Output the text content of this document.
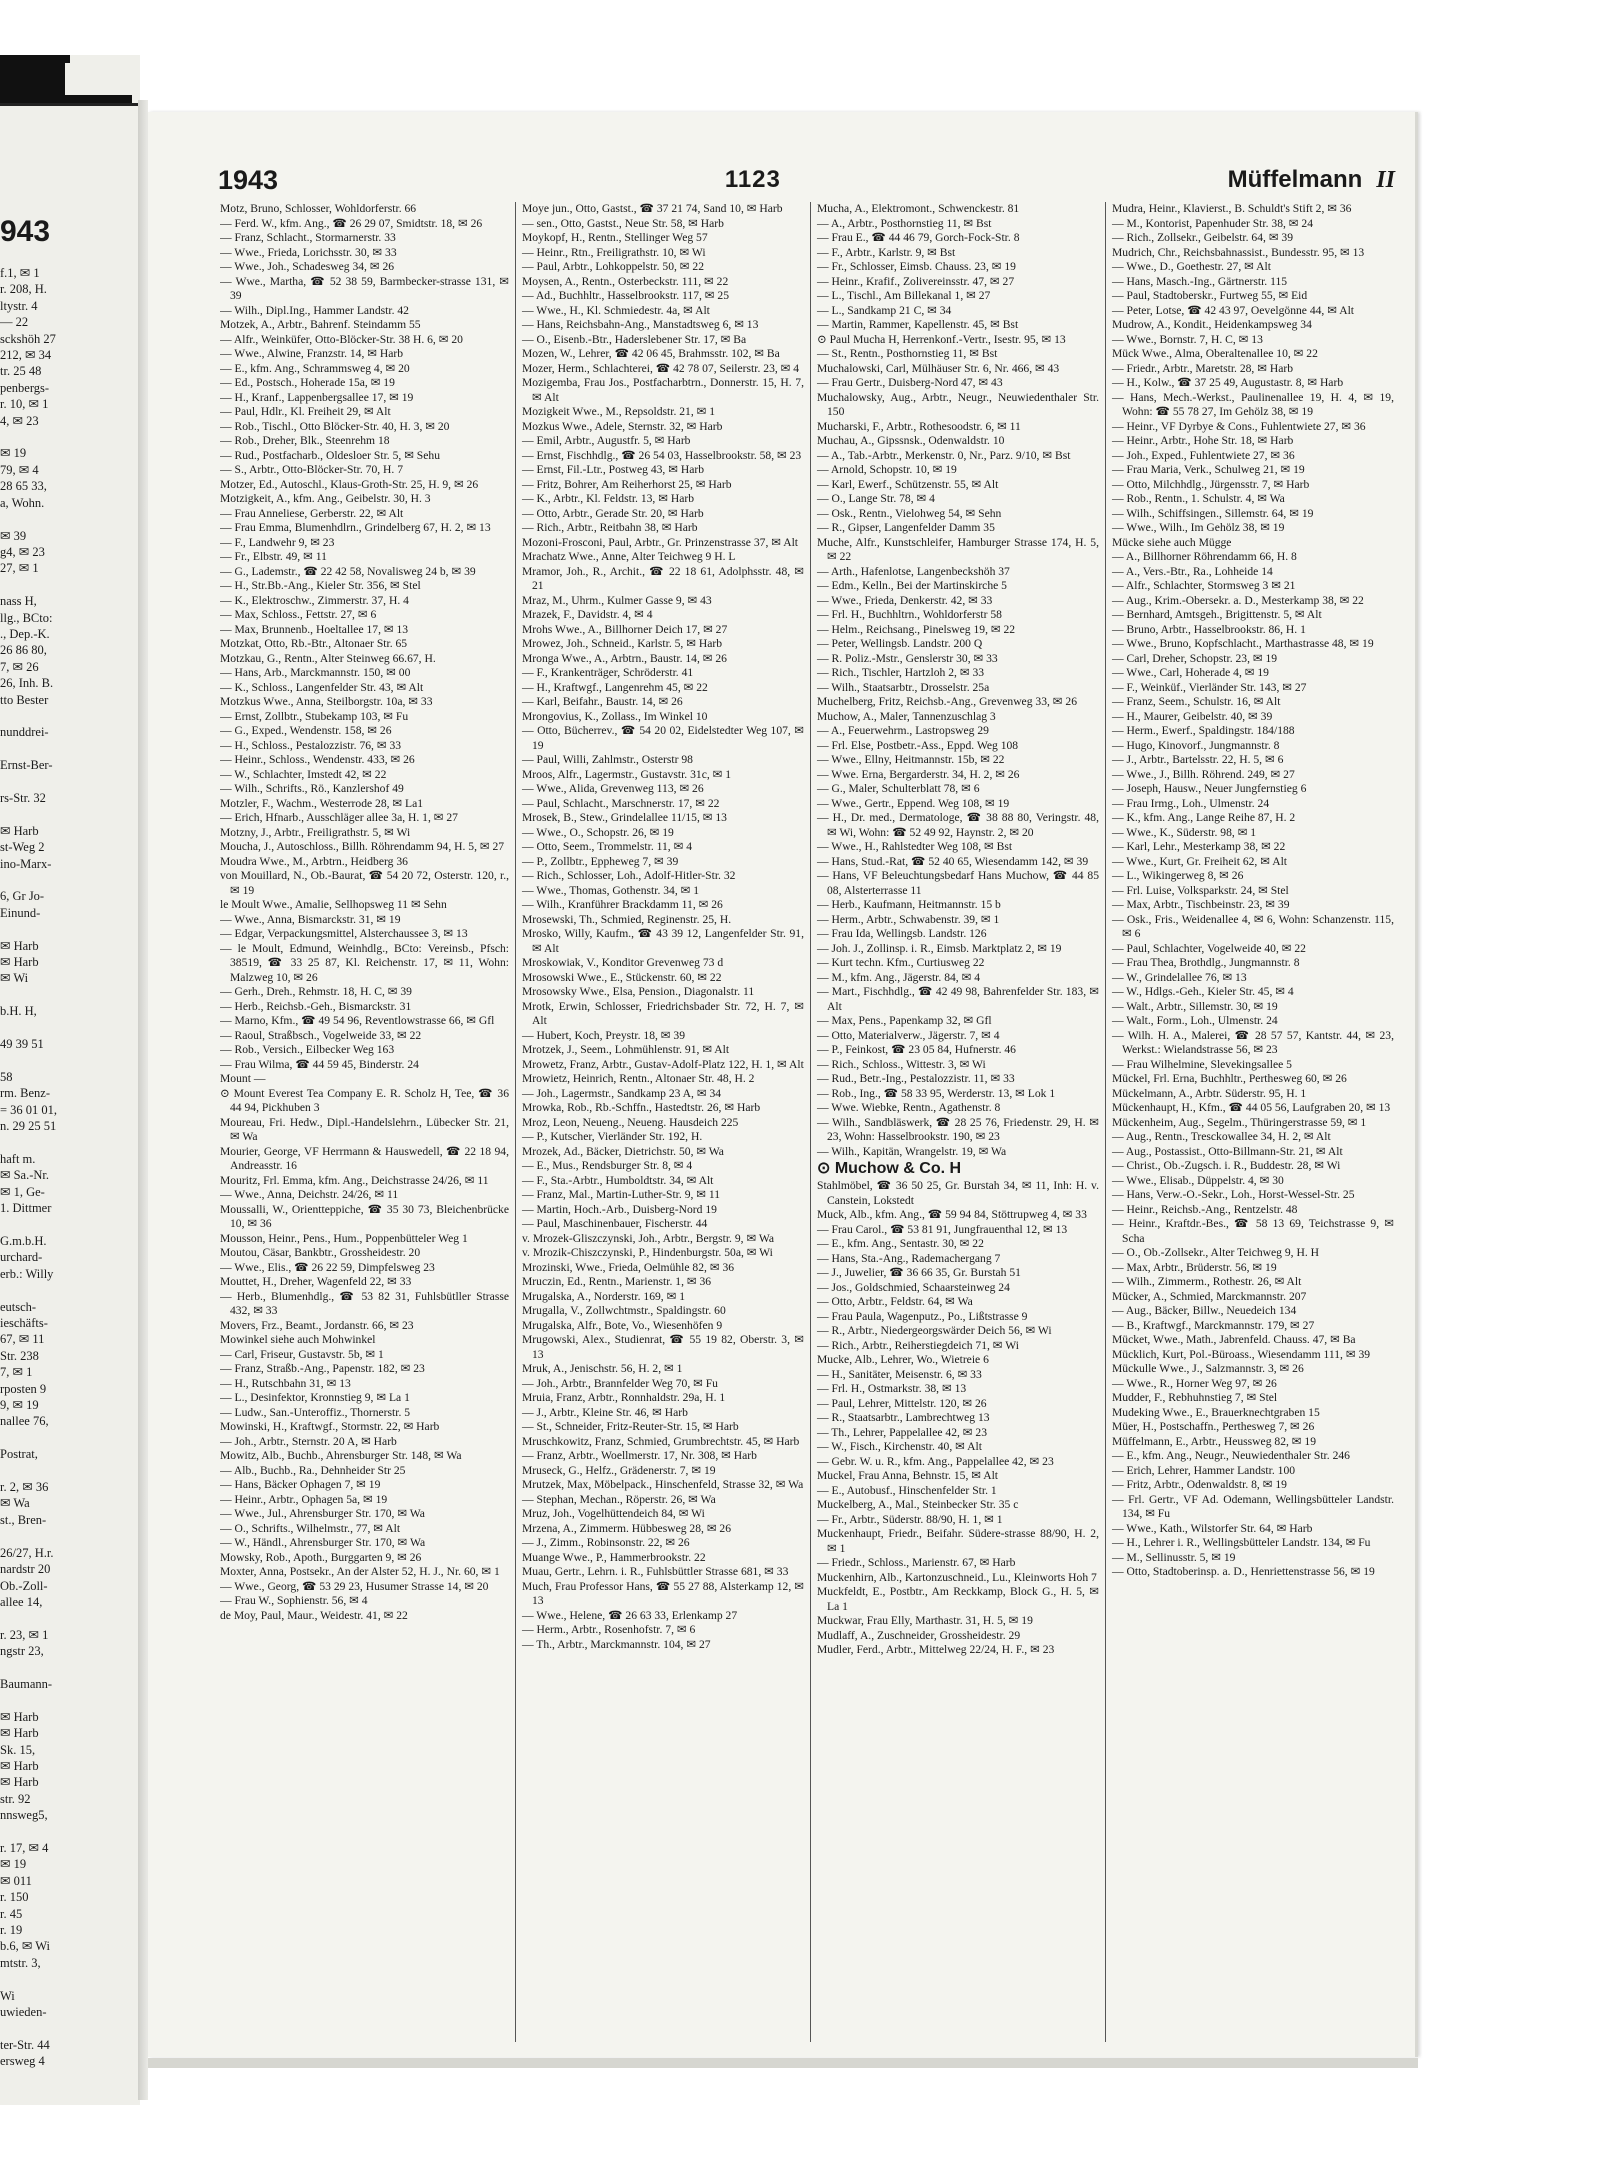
943
f.1, ✉ 1
r. 208, H.
ltystr. 4
— 22
sckshöh 27
212, ✉ 34
tr. 25 48
penbergs-
r. 10, ✉ 1
4, ✉ 23

✉ 19
79, ✉ 4
28 65 33,
a, Wohn.

✉ 39
g4, ✉ 23
27, ✉ 1

nass H,
llg., BCto:
., Dep.-K.
26 86 80,
7, ✉ 26
26, Inh. B.
tto Bester

nunddrei-

Ernst-Ber-

rs-Str. 32

✉ Harb
st-Weg 2
ino-Marx-

6, Gr Jo-
Einund-

✉ Harb
✉ Harb
✉ Wi

b.H. H,

49 39 51

58
rm. Benz-
= 36 01 01,
n. 29 25 51

haft m.
✉ Sa.-Nr.
✉ 1, Ge-
1. Dittmer

G.m.b.H.
urchard-
erb.: Willy

eutsch-
ieschäfts-
67, ✉ 11
Str. 238
7, ✉ 1
rposten 9
9, ✉ 19
nallee 76,

Postrat,

r. 2, ✉ 36
✉ Wa
st., Bren-

26/27, H.r.
nardstr 20
Ob.-Zoll-
allee 14,

r. 23, ✉ 1
ngstr 23,

Baumann-

✉ Harb
✉ Harb
Sk. 15,
✉ Harb
✉ Harb
str. 92
nnsweg5,

r. 17, ✉ 4
✉ 19
✉ 011
r. 150
r. 45
r. 19
b.6, ✉ Wi
mtstr. 3,

Wi
uwieden-

ter-Str. 44
ersweg 4
1943	1123	Müffelmann II

Motz, Bruno, Schlosser, Wohldorferstr. 66

— Ferd. W., kfm. Ang., ☎ 26 29 07, Smidtstr. 18, ✉ 26

— Franz, Schlacht., Stormarnerstr. 33

— Wwe., Frieda, Lorichsstr. 30, ✉ 33

— Wwe., Joh., Schadesweg 34, ✉ 26

— Wwe., Martha, ☎ 52 38 59, Barmbecker-strasse 131, ✉ 39

— Wilh., Dipl.Ing., Hammer Landstr. 42

Motzek, A., Arbtr., Bahrenf. Steindamm 55

— Alfr., Weinküfer, Otto-Blöcker-Str. 38 H. 6, ✉ 20

— Wwe., Alwine, Franzstr. 14, ✉ Harb

— E., kfm. Ang., Schrammsweg 4, ✉ 20

— Ed., Postsch., Hoherade 15a, ✉ 19

— H., Kranf., Lappenbergsallee 17, ✉ 19

— Paul, Hdlr., Kl. Freiheit 29, ✉ Alt

— Rob., Tischl., Otto Blöcker-Str. 40, H. 3, ✉ 20

— Rob., Dreher, Blk., Steenrehm 18

— Rud., Postfacharb., Oldesloer Str. 5, ✉ Sehu

— S., Arbtr., Otto-Blöcker-Str. 70, H. 7

Motzer, Ed., Autoschl., Klaus-Groth-Str. 25, H. 9, ✉ 26

Motzigkeit, A., kfm. Ang., Geibelstr. 30, H. 3

— Frau Anneliese, Gerberstr. 22, ✉ Alt

— Frau Emma, Blumenhdlrn., Grindelberg 67, H. 2, ✉ 13

— F., Landwehr 9, ✉ 23

— Fr., Elbstr. 49, ✉ 11

— G., Lademstr., ☎ 22 42 58, Novalisweg 24 b, ✉ 39

— H., Str.Bb.-Ang., Kieler Str. 356, ✉ Stel

— K., Elektroschw., Zimmerstr. 37, H. 4

— Max, Schloss., Fettstr. 27, ✉ 6

— Max, Brunnenb., Hoeltallee 17, ✉ 13

Motzkat, Otto, Rb.-Btr., Altonaer Str. 65

Motzkau, G., Rentn., Alter Steinweg 66.67, H.

— Hans, Arb., Marckmannstr. 150, ✉ 00

— K., Schloss., Langenfelder Str. 43, ✉ Alt

Motzkus Wwe., Anna, Steilborgstr. 10a, ✉ 33

— Ernst, Zollbtr., Stubekamp 103, ✉ Fu

— G., Exped., Wendenstr. 158, ✉ 26

— H., Schloss., Pestalozzistr. 76, ✉ 33

— Heinr., Schloss., Wendenstr. 433, ✉ 26

— W., Schlachter, Imstedt 42, ✉ 22

— Wilh., Schrifts., Rö., Kanzlershof 49

Motzler, F., Wachm., Westerrode 28, ✉ La1

— Erich, Hfnarb., Ausschläger allee 3a, H. 1, ✉ 27

Motzny, J., Arbtr., Freiligrathstr. 5, ✉ Wi

Moucha, J., Autoschloss., Billh. Röhrendamm 94, H. 5, ✉ 27

Moudra Wwe., M., Arbtrn., Heidberg 36

von Mouillard, N., Ob.-Baurat, ☎ 54 20 72, Osterstr. 120, r., ✉ 19

le Moult Wwe., Amalie, Sellhopsweg 11 ✉ Sehn

— Wwe., Anna, Bismarckstr. 31, ✉ 19

— Edgar, Verpackungsmittel, Alsterchaussee 3, ✉ 13

— le Moult, Edmund, Weinhdlg., BCto: Vereinsb., Pfsch: 38519, ☎ 33 25 87, Kl. Reichenstr. 17, ✉ 11, Wohn: Malzweg 10, ✉ 26

— Gerh., Dreh., Rehmstr. 18, H. C, ✉ 39

— Herb., Reichsb.-Geh., Bismarckstr. 31

— Marno, Kfm., ☎ 49 54 96, Reventlowstrasse 66, ✉ Gfl

— Raoul, Straßbsch., Vogelweide 33, ✉ 22

— Rob., Versich., Eilbecker Weg 163

— Frau Wilma, ☎ 44 59 45, Binderstr. 24

Mount —

⊙ Mount Everest Tea Company E. R. Scholz H, Tee, ☎ 36 44 94, Pickhuben 3

Moureau, Fri. Hedw., Dipl.-Handelslehrn., Lübecker Str. 21, ✉ Wa

Mourier, George, VF Herrmann & Hauswedell, ☎ 22 18 94, Andreasstr. 16

Mouritz, Frl. Emma, kfm. Ang., Deichstrasse 24/26, ✉ 11

— Wwe., Anna, Deichstr. 24/26, ✉ 11

Moussalli, W., Orientteppiche, ☎ 35 30 73, Bleichenbrücke 10, ✉ 36

Mousson, Heinr., Pens., Hum., Poppenbütteler Weg 1

Moutou, Cäsar, Bankbtr., Grossheidestr. 20

— Wwe., Elis., ☎ 26 22 59, Dimpfelsweg 23

Mouttet, H., Dreher, Wagenfeld 22, ✉ 33

— Herb., Blumenhdlg., ☎ 53 82 31, Fuhlsbütller Strasse 432, ✉ 33

Movers, Frz., Beamt., Jordanstr. 66, ✉ 23

Mowinkel siehe auch Mohwinkel

— Carl, Friseur, Gustavstr. 5b, ✉ 1

— Franz, Straßb.-Ang., Papenstr. 182, ✉ 23

— H., Rutschbahn 31, ✉ 13

— L., Desinfektor, Kronnstieg 9, ✉ La 1

— Ludw., San.-Unteroffiz., Thornerstr. 5

Mowinski, H., Kraftwgf., Stormstr. 22, ✉ Harb

— Joh., Arbtr., Sternstr. 20 A, ✉ Harb

Mowitz, Alb., Buchb., Ahrensburger Str. 148, ✉ Wa

— Alb., Buchb., Ra., Dehnheider Str 25

— Hans, Bäcker Ophagen 7, ✉ 19

— Heinr., Arbtr., Ophagen 5a, ✉ 19

— Wwe., Jul., Ahrensburger Str. 170, ✉ Wa

— O., Schrifts., Wilhelmstr., 77, ✉ Alt

— W., Händl., Ahrensburger Str. 170, ✉ Wa

Mowsky, Rob., Apoth., Burggarten 9, ✉ 26

Moxter, Anna, Postsekr., An der Alster 52, H. J., Nr. 60, ✉ 1

— Wwe., Georg, ☎ 53 29 23, Husumer Strasse 14, ✉ 20

— Frau W., Sophienstr. 56, ✉ 4

de Moy, Paul, Maur., Weidestr. 41, ✉ 22

Moye jun., Otto, Gastst., ☎ 37 21 74, Sand 10, ✉ Harb

— sen., Otto, Gastst., Neue Str. 58, ✉ Harb

Moykopf, H., Rentn., Stellinger Weg 57

— Heinr., Rtn., Freiligrathstr. 10, ✉ Wi

— Paul, Arbtr., Lohkoppelstr. 50, ✉ 22

Moysen, A., Rentn., Osterbeckstr. 111, ✉ 22

— Ad., Buchhltr., Hasselbrookstr. 117, ✉ 25

— Wwe., H., Kl. Schmiedestr. 4a, ✉ Alt

— Hans, Reichsbahn-Ang., Manstadtsweg 6, ✉ 13

— O., Eisenb.-Btr., Haderslebener Str. 17, ✉ Ba

Mozen, W., Lehrer, ☎ 42 06 45, Brahmsstr. 102, ✉ Ba

Mozer, Herm., Schlachterei, ☎ 42 78 07, Seilerstr. 23, ✉ 4

Mozigemba, Frau Jos., Postfacharbtrn., Donnerstr. 15, H. 7, ✉ Alt

Mozigkeit Wwe., M., Repsoldstr. 21, ✉ 1

Mozkus Wwe., Adele, Sternstr. 32, ✉ Harb

— Emil, Arbtr., Augustfr. 5, ✉ Harb

— Ernst, Fischhdlg., ☎ 26 54 03, Hasselbrookstr. 58, ✉ 23

— Ernst, Fil.-Ltr., Postweg 43, ✉ Harb

— Fritz, Bohrer, Am Reiherhorst 25, ✉ Harb

— K., Arbtr., Kl. Feldstr. 13, ✉ Harb

— Otto, Arbtr., Gerade Str. 20, ✉ Harb

— Rich., Arbtr., Reitbahn 38, ✉ Harb

Mozoni-Frosconi, Paul, Arbtr., Gr. Prinzenstrasse 37, ✉ Alt

Mrachatz Wwe., Anne, Alter Teichweg 9 H. L

Mramor, Joh., R., Archit., ☎ 22 18 61, Adolphsstr. 48, ✉ 21

Mraz, M., Uhrm., Kulmer Gasse 9, ✉ 43

Mrazek, F., Davidstr. 4, ✉ 4

Mrohs Wwe., A., Billhorner Deich 17, ✉ 27

Mrowez, Joh., Schneid., Karlstr. 5, ✉ Harb

Mronga Wwe., A., Arbtrn., Baustr. 14, ✉ 26

— F., Krankenträger, Schröderstr. 41

— H., Kraftwgf., Langenrehm 45, ✉ 22

— Karl, Beifahr., Baustr. 14, ✉ 26

Mrongovius, K., Zollass., Im Winkel 10

— Otto, Bücherrev., ☎ 54 20 02, Eidelstedter Weg 107, ✉ 19

— Paul, Willi, Zahlmstr., Osterstr 98

Mroos, Alfr., Lagermstr., Gustavstr. 31c, ✉ 1

— Wwe., Alida, Grevenweg 113, ✉ 26

— Paul, Schlacht., Marschnerstr. 17, ✉ 22

Mrosek, B., Stew., Grindelallee 11/15, ✉ 13

— Wwe., O., Schopstr. 26, ✉ 19

— Otto, Seem., Trommelstr. 11, ✉ 4

— P., Zollbtr., Eppheweg 7, ✉ 39

— Rich., Schlosser, Loh., Adolf-Hitler-Str. 32

— Wwe., Thomas, Gothenstr. 34, ✉ 1

— Wilh., Kranführer Brackdamm 11, ✉ 26

Mrosewski, Th., Schmied, Reginenstr. 25, H.

Mrosko, Willy, Kaufm., ☎ 43 39 12, Langenfelder Str. 91, ✉ Alt

Mroskowiak, V., Konditor Grevenweg 73 d

Mrosowski Wwe., E., Stückenstr. 60, ✉ 22

Mrosowsky Wwe., Elsa, Pension., Diagonalstr. 11

Mrotk, Erwin, Schlosser, Friedrichsbader Str. 72, H. 7, ✉ Alt

— Hubert, Koch, Preystr. 18, ✉ 39

Mrotzek, J., Seem., Lohmühlenstr. 91, ✉ Alt

Mrowetz, Franz, Arbtr., Gustav-Adolf-Platz 122, H. 1, ✉ Alt

Mrowietz, Heinrich, Rentn., Altonaer Str. 48, H. 2

— Joh., Lagermstr., Sandkamp 23 A, ✉ 34

Mrowka, Rob., Rb.-Schffn., Hastedtstr. 26, ✉ Harb

Mroz, Leon, Neueng., Neueng. Hausdeich 225

— P., Kutscher, Vierländer Str. 192, H.

Mrozek, Ad., Bäcker, Dietrichstr. 50, ✉ Wa

— E., Mus., Rendsburger Str. 8, ✉ 4

— F., Sta.-Arbtr., Humboldtstr. 34, ✉ Alt

— Franz, Mal., Martin-Luther-Str. 9, ✉ 11

— Martin, Hoch.-Arb., Duisberg-Nord 19

— Paul, Maschinenbauer, Fischerstr. 44

v. Mrozek-Gliszczynski, Joh., Arbtr., Bergstr. 9, ✉ Wa

v. Mrozik-Chiszczynski, P., Hindenburgstr. 50a, ✉ Wi

Mrozinski, Wwe., Frieda, Oelmühle 82, ✉ 36

Mruczin, Ed., Rentn., Marienstr. 1, ✉ 36

Mrugalska, A., Norderstr. 169, ✉ 1

Mrugalla, V., Zollwchtmstr., Spaldingstr. 60

Mrugalska, Alfr., Bote, Vo., Wiesenhöfen 9

Mrugowski, Alex., Studienrat, ☎ 55 19 82, Oberstr. 3, ✉ 13

Mruk, A., Jenischstr. 56, H. 2, ✉ 1

— Joh., Arbtr., Brannfelder Weg 70, ✉ Fu

Mruia, Franz, Arbtr., Ronnhaldstr. 29a, H. 1

— J., Arbtr., Kleine Str. 46, ✉ Harb

— St., Schneider, Fritz-Reuter-Str. 15, ✉ Harb

Mruschkowitz, Franz, Schmied, Grumbrechtstr. 45, ✉ Harb

— Franz, Arbtr., Woellmerstr. 17, Nr. 308, ✉ Harb

Mruseck, G., Helfz., Grädenerstr. 7, ✉ 19

Mrutzek, Max, Möbelpack., Hinschenfeld, Strasse 32, ✉ Wa

— Stephan, Mechan., Röperstr. 26, ✉ Wa

Mruz, Joh., Vogelhüttendeich 84, ✉ Wi

Mrzena, A., Zimmerm. Hübbesweg 28, ✉ 26

— J., Zimm., Robinsonstr. 22, ✉ 26

Muange Wwe., P., Hammerbrookstr. 22

Muau, Gertr., Lehrn. i. R., Fuhlsbüttler Strasse 681, ✉ 33

Much, Frau Professor Hans, ☎ 55 27 88, Alsterkamp 12, ✉ 13

— Wwe., Helene, ☎ 26 63 33, Erlenkamp 27

— Herm., Arbtr., Rosenhofstr. 7, ✉ 6

— Th., Arbtr., Marckmannstr. 104, ✉ 27

Mucha, A., Elektromont., Schwenckestr. 81

— A., Arbtr., Posthornstieg 11, ✉ Bst

— Frau E., ☎ 44 46 79, Gorch-Fock-Str. 8

— F., Arbtr., Karlstr. 9, ✉ Bst

— Fr., Schlosser, Eimsb. Chauss. 23, ✉ 19

— Heinr., Krafif., Zolivereinsstr. 47, ✉ 27

— L., Tischl., Am Billekanal 1, ✉ 27

— L., Sandkamp 21 C, ✉ 34

— Martin, Rammer, Kapellenstr. 45, ✉ Bst

⊙ Paul Mucha H, Herrenkonf.-Vertr., Isestr. 95, ✉ 13

— St., Rentn., Posthornstieg 11, ✉ Bst

Muchalowski, Carl, Mülhäuser Str. 6, Nr. 466, ✉ 43

— Frau Gertr., Duisberg-Nord 47, ✉ 43

Muchalowsky, Aug., Arbtr., Neugr., Neuwiedenthaler Str. 150

Mucharski, F., Arbtr., Rothesoodstr. 6, ✉ 11

Muchau, A., Gipssnsk., Odenwaldstr. 10

— A., Tab.-Arbtr., Merkenstr. 0, Nr., Parz. 9/10, ✉ Bst

— Arnold, Schopstr. 10, ✉ 19

— Karl, Ewerf., Schützenstr. 55, ✉ Alt

— O., Lange Str. 78, ✉ 4

— Osk., Rentn., Vielohweg 54, ✉ Sehn

— R., Gipser, Langenfelder Damm 35

Muche, Alfr., Kunstschleifer, Hamburger Strasse 174, H. 5, ✉ 22

— Arth., Hafenlotse, Langenbeckshöh 37

— Edm., Kelln., Bei der Martinskirche 5

— Wwe., Frieda, Denkerstr. 42, ✉ 33

— Frl. H., Buchhltrn., Wohldorferstr 58

— Helm., Reichsang., Pinelsweg 19, ✉ 22

— Peter, Wellingsb. Landstr. 200 Q

— R. Poliz.-Mstr., Genslerstr 30, ✉ 33

— Rich., Tischler, Hartzloh 2, ✉ 33

— Wilh., Staatsarbtr., Drosselstr. 25a

Muchelberg, Fritz, Reichsb.-Ang., Grevenweg 33, ✉ 26

Muchow, A., Maler, Tannenzuschlag 3

— A., Feuerwehrm., Lastropsweg 29

— Frl. Else, Postbetr.-Ass., Eppd. Weg 108

— Wwe., Ellny, Heitmannstr. 15b, ✉ 22

— Wwe. Erna, Bergarderstr. 34, H. 2, ✉ 26

— G., Maler, Schulterblatt 78, ✉ 6

— Wwe., Gertr., Eppend. Weg 108, ✉ 19

— H., Dr. med., Dermatologe, ☎ 38 88 80, Veringstr. 48, ✉ Wi, Wohn: ☎ 52 49 92, Haynstr. 2, ✉ 20

— Wwe., H., Rahlstedter Weg 108, ✉ Bst

— Hans, Stud.-Rat, ☎ 52 40 65, Wiesendamm 142, ✉ 39

— Hans, VF Beleuchtungsbedarf Hans Muchow, ☎ 44 85 08, Alsterterrasse 11

— Herb., Kaufmann, Heitmannstr. 15 b

— Herm., Arbtr., Schwabenstr. 39, ✉ 1

— Frau Ida, Wellingsb. Landstr. 126

— Joh. J., Zollinsp. i. R., Eimsb. Marktplatz 2, ✉ 19

— Kurt techn. Kfm., Curtiusweg 22

— M., kfm. Ang., Jägerstr. 84, ✉ 4

— Mart., Fischhdlg., ☎ 42 49 98, Bahrenfelder Str. 183, ✉ Alt

— Max, Pens., Papenkamp 32, ✉ Gfl

— Otto, Materialverw., Jägerstr. 7, ✉ 4

— P., Feinkost, ☎ 23 05 84, Hufnerstr. 46

— Rich., Schloss., Wittestr. 3, ✉ Wi

— Rud., Betr.-Ing., Pestalozzistr. 11, ✉ 33

— Rob., Ing., ☎ 58 33 95, Werderstr. 13, ✉ Lok 1

— Wwe. Wiebke, Rentn., Agathenstr. 8

— Wilh., Sandbläswerk, ☎ 28 25 76, Friedenstr. 29, H. ✉ 23, Wohn: Hasselbrookstr. 190, ✉ 23

— Wilh., Kapitän, Wrangelstr. 19, ✉ Wa

⊙ Muchow & Co. H

Stahlmöbel, ☎ 36 50 25, Gr. Burstah 34, ✉ 11, Inh: H. v. Canstein, Lokstedt

Muck, Alb., kfm. Ang., ☎ 59 94 84, Stöttrupweg 4, ✉ 33

— Frau Carol., ☎ 53 81 91, Jungfrauenthal 12, ✉ 13

— E., kfm. Ang., Sentastr. 30, ✉ 22

— Hans, Sta.-Ang., Rademachergang 7

— J., Juwelier, ☎ 36 66 35, Gr. Burstah 51

— Jos., Goldschmied, Schaarsteinweg 24

— Otto, Arbtr., Feldstr. 64, ✉ Wa

— Frau Paula, Wagenputz., Po., Lißtstrasse 9

— R., Arbtr., Niedergeorgswärder Deich 56, ✉ Wi

— Rich., Arbtr., Reiherstiegdeich 71, ✉ Wi

Mucke, Alb., Lehrer, Wo., Wietreie 6

— H., Sanitäter, Meisenstr. 6, ✉ 33

— Frl. H., Ostmarkstr. 38, ✉ 13

— Paul, Lehrer, Mittelstr. 120, ✉ 26

— R., Staatsarbtr., Lambrechtweg 13

— Th., Lehrer, Pappelallee 42, ✉ 23

— W., Fisch., Kirchenstr. 40, ✉ Alt

— Gebr. W. u. R., kfm. Ang., Pappelallee 42, ✉ 23

Muckel, Frau Anna, Behnstr. 15, ✉ Alt

— E., Autobusf., Hinschenfelder Str. 1

Muckelberg, A., Mal., Steinbecker Str. 35 c

— Fr., Arbtr., Süderstr. 88/90, H. 1, ✉ 1

Muckenhaupt, Friedr., Beifahr. Südere-strasse 88/90, H. 2, ✉ 1

— Friedr., Schloss., Marienstr. 67, ✉ Harb

Muckenhirn, Alb., Kartonzuschneid., Lu., Kleinworts Hoh 7

Muckfeldt, E., Postbtr., Am Reckkamp, Block G., H. 5, ✉ La 1

Muckwar, Frau Elly, Marthastr. 31, H. 5, ✉ 19

Mudlaff, A., Zuschneider, Grossheidestr. 29

Mudler, Ferd., Arbtr., Mittelweg 22/24, H. F., ✉ 23

Mudra, Heinr., Klavierst., B. Schuldt's Stift 2, ✉ 36

— M., Kontorist, Papenhuder Str. 38, ✉ 24

— Rich., Zollsekr., Geibelstr. 64, ✉ 39

Mudrich, Chr., Reichsbahnassist., Bundesstr. 95, ✉ 13

— Wwe., D., Goethestr. 27, ✉ Alt

— Hans, Masch.-Ing., Gärtnerstr. 115

— Paul, Stadtoberskr., Furtweg 55, ✉ Eid

— Peter, Lotse, ☎ 42 43 97, Oevelgönne 44, ✉ Alt

Mudrow, A., Kondit., Heidenkampsweg 34

— Wwe., Bornstr. 7, H. C, ✉ 13

Mück Wwe., Alma, Oberaltenallee 10, ✉ 22

— Friedr., Arbtr., Maretstr. 28, ✉ Harb

— H., Kolw., ☎ 37 25 49, Augustastr. 8, ✉ Harb

— Hans, Mech.-Werkst., Paulinenallee 19, H. 4, ✉ 19, Wohn: ☎ 55 78 27, Im Gehölz 38, ✉ 19

— Heinr., VF Dyrbye & Cons., Fuhlentwiete 27, ✉ 36

— Heinr., Arbtr., Hohe Str. 18, ✉ Harb

— Joh., Exped., Fuhlentwiete 27, ✉ 36

— Frau Maria, Verk., Schulweg 21, ✉ 19

— Otto, Milchhdlg., Jürgensstr. 7, ✉ Harb

— Rob., Rentn., 1. Schulstr. 4, ✉ Wa

— Wilh., Schiffsingen., Sillemstr. 64, ✉ 19

— Wwe., Wilh., Im Gehölz 38, ✉ 19

Mücke siehe auch Mügge

— A., Billhorner Röhrendamm 66, H. 8

— A., Vers.-Btr., Ra., Lohheide 14

— Alfr., Schlachter, Stormsweg 3 ✉ 21

— Aug., Krim.-Obersekr. a. D., Mesterkamp 38, ✉ 22

— Bernhard, Amtsgeh., Brigittenstr. 5, ✉ Alt

— Bruno, Arbtr., Hasselbrookstr. 86, H. 1

— Wwe., Bruno, Kopfschlacht., Marthastrasse 48, ✉ 19

— Carl, Dreher, Schopstr. 23, ✉ 19

— Wwe., Carl, Hoherade 4, ✉ 19

— F., Weinküf., Vierländer Str. 143, ✉ 27

— Franz, Seem., Schulstr. 16, ✉ Alt

— H., Maurer, Geibelstr. 40, ✉ 39

— Herm., Ewerf., Spaldingstr. 184/188

— Hugo, Kinovorf., Jungmannstr. 8

— J., Arbtr., Bartelsstr. 22, H. 5, ✉ 6

— Wwe., J., Billh. Röhrend. 249, ✉ 27

— Joseph, Hausw., Neuer Jungfernstieg 6

— Frau Irmg., Loh., Ulmenstr. 24

— K., kfm. Ang., Lange Reihe 87, H. 2

— Wwe., K., Süderstr. 98, ✉ 1

— Karl, Lehr., Mesterkamp 38, ✉ 22

— Wwe., Kurt, Gr. Freiheit 62, ✉ Alt

— L., Wikingerweg 8, ✉ 26

— Frl. Luise, Volksparkstr. 24, ✉ Stel

— Max, Arbtr., Tischbeinstr. 23, ✉ 39

— Osk., Fris., Weidenallee 4, ✉ 6, Wohn: Schanzenstr. 115, ✉ 6

— Paul, Schlachter, Vogelweide 40, ✉ 22

— Frau Thea, Brothdlg., Jungmannstr. 8

— W., Grindelallee 76, ✉ 13

— W., Hdlgs.-Geh., Kieler Str. 45, ✉ 4

— Walt., Arbtr., Sillemstr. 30, ✉ 19

— Walt., Form., Loh., Ulmenstr. 24

— Wilh. H. A., Malerei, ☎ 28 57 57, Kantstr. 44, ✉ 23, Werkst.: Wielandstrasse 56, ✉ 23

— Frau Wilhelmine, Slevekingsallee 5

Mückel, Frl. Erna, Buchhltr., Perthesweg 60, ✉ 26

Mückelmann, A., Arbtr. Süderstr. 95, H. 1

Mückenhaupt, H., Kfm., ☎ 44 05 56, Laufgraben 20, ✉ 13

Mückenheim, Aug., Segelm., Thüringerstrasse 59, ✉ 1

— Aug., Rentn., Tresckowallee 34, H. 2, ✉ Alt

— Aug., Postassist., Otto-Billmann-Str. 21, ✉ Alt

— Christ., Ob.-Zugsch. i. R., Buddestr. 28, ✉ Wi

— Wwe., Elisab., Düppelstr. 4, ✉ 30

— Hans, Verw.-O.-Sekr., Loh., Horst-Wessel-Str. 25

— Heinr., Reichsb.-Ang., Rentzelstr. 48

— Heinr., Kraftdr.-Bes., ☎ 58 13 69, Teichstrasse 9, ✉ Scha

— O., Ob.-Zollsekr., Alter Teichweg 9, H. H

— Max, Arbtr., Brüderstr. 56, ✉ 19

— Wilh., Zimmerm., Rothestr. 26, ✉ Alt

Mücker, A., Schmied, Marckmannstr. 207

— Aug., Bäcker, Billw., Neuedeich 134

— B., Kraftwgf., Marckmannstr. 179, ✉ 27

Mücket, Wwe., Math., Jabrenfeld. Chauss. 47, ✉ Ba

Mücklich, Kurt, Pol.-Büroass., Wiesendamm 111, ✉ 39

Mückulle Wwe., J., Salzmannstr. 3, ✉ 26

— Wwe., R., Horner Weg 97, ✉ 26

Mudder, F., Rebhuhnstieg 7, ✉ Stel

Mudeking Wwe., E., Brauerknechtgraben 15

Müer, H., Postschaffn., Perthesweg 7, ✉ 26

Müffelmann, E., Arbtr., Heussweg 82, ✉ 19

— E., kfm. Ang., Neugr., Neuwiedenthaler Str. 246

— Erich, Lehrer, Hammer Landstr. 100

— Fritz, Arbtr., Odenwaldstr. 8, ✉ 19

— Frl. Gertr., VF Ad. Odemann, Wellingsbütteler Landstr. 134, ✉ Fu

— Wwe., Kath., Wilstorfer Str. 64, ✉ Harb

— H., Lehrer i. R., Wellingsbütteler Landstr. 134, ✉ Fu

— M., Sellinusstr. 5, ✉ 19

— Otto, Stadtoberinsp. a. D., Henriettenstrasse 56, ✉ 19
